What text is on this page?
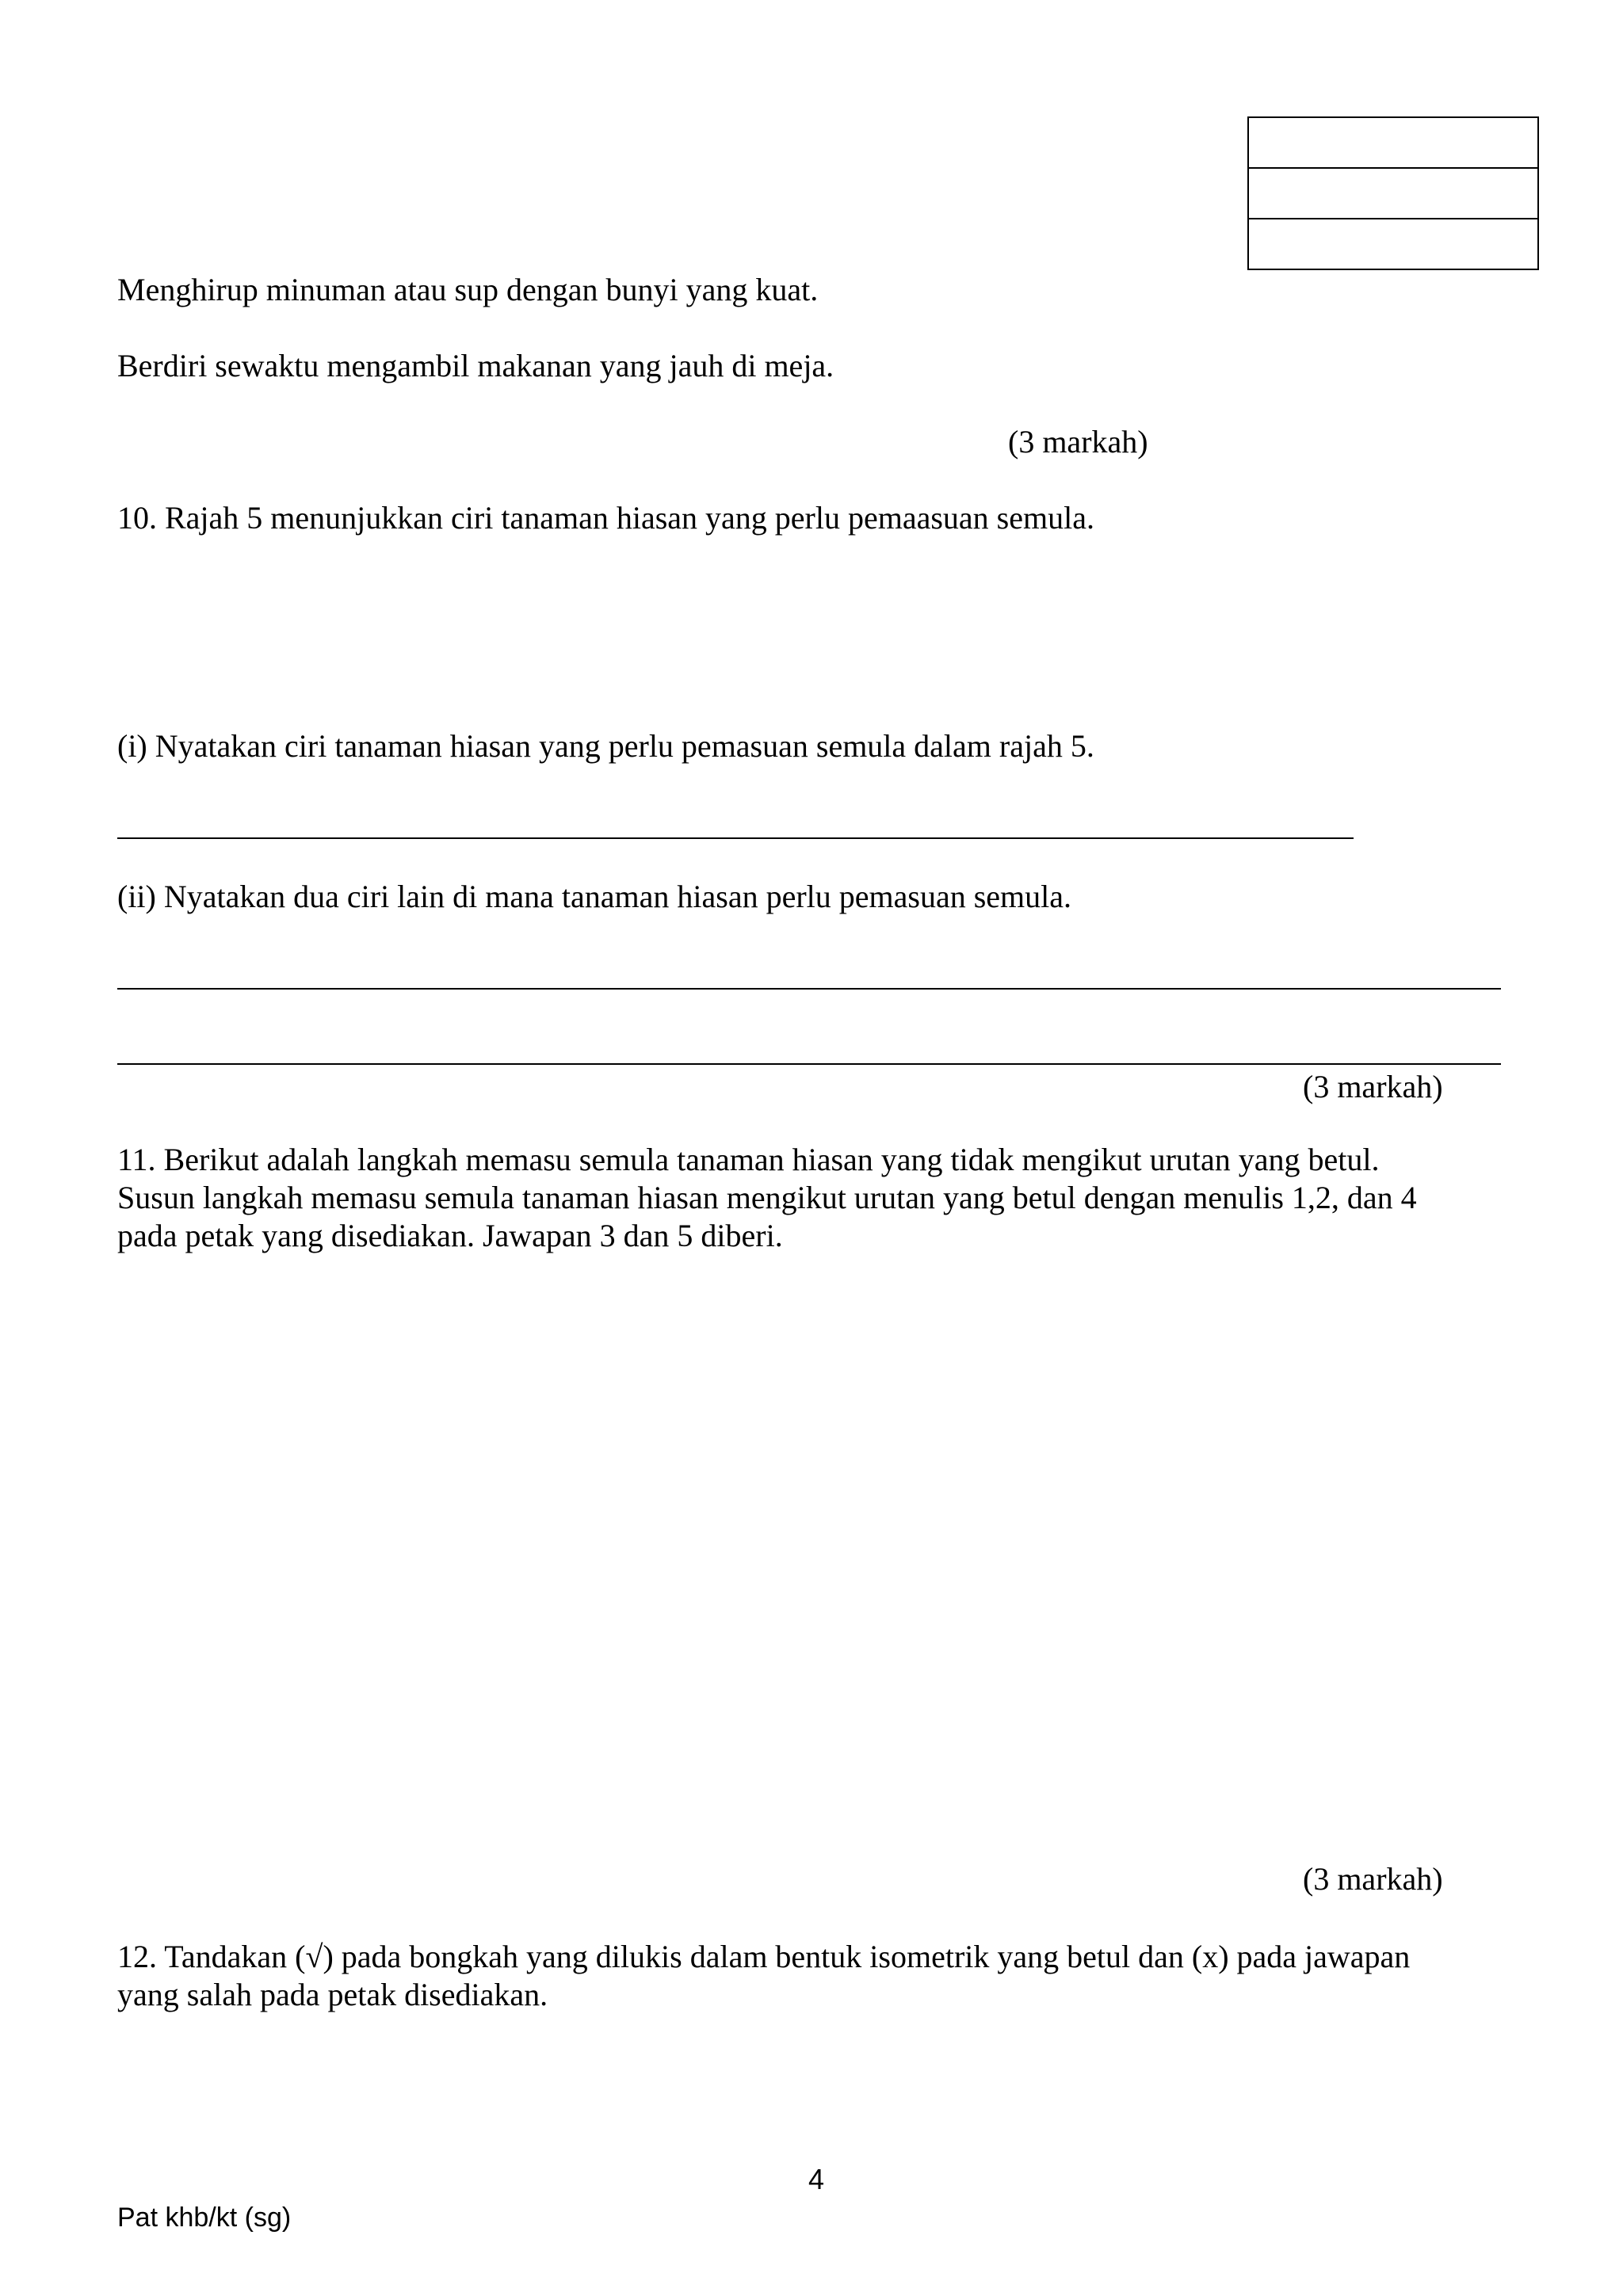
Menghirup minuman atau sup dengan bunyi yang kuat.
Berdiri sewaktu mengambil makanan yang jauh di meja.
(3 markah)
10. Rajah 5 menunjukkan ciri tanaman hiasan yang perlu pemaasuan semula.
(i) Nyatakan ciri tanaman hiasan yang perlu pemasuan semula dalam rajah 5.
(ii) Nyatakan dua ciri lain di mana tanaman hiasan perlu pemasuan semula.
(3 markah)
11. Berikut adalah langkah memasu semula tanaman hiasan yang tidak mengikut urutan yang betul.
Susun langkah memasu semula tanaman hiasan mengikut urutan yang betul dengan menulis 1,2, dan 4
pada petak yang disediakan. Jawapan 3 dan 5 diberi.
(3 markah)
12. Tandakan (√) pada bongkah yang dilukis dalam bentuk isometrik yang betul dan (x) pada jawapan
yang salah pada petak disediakan.
4
Pat khb/kt (sg)
